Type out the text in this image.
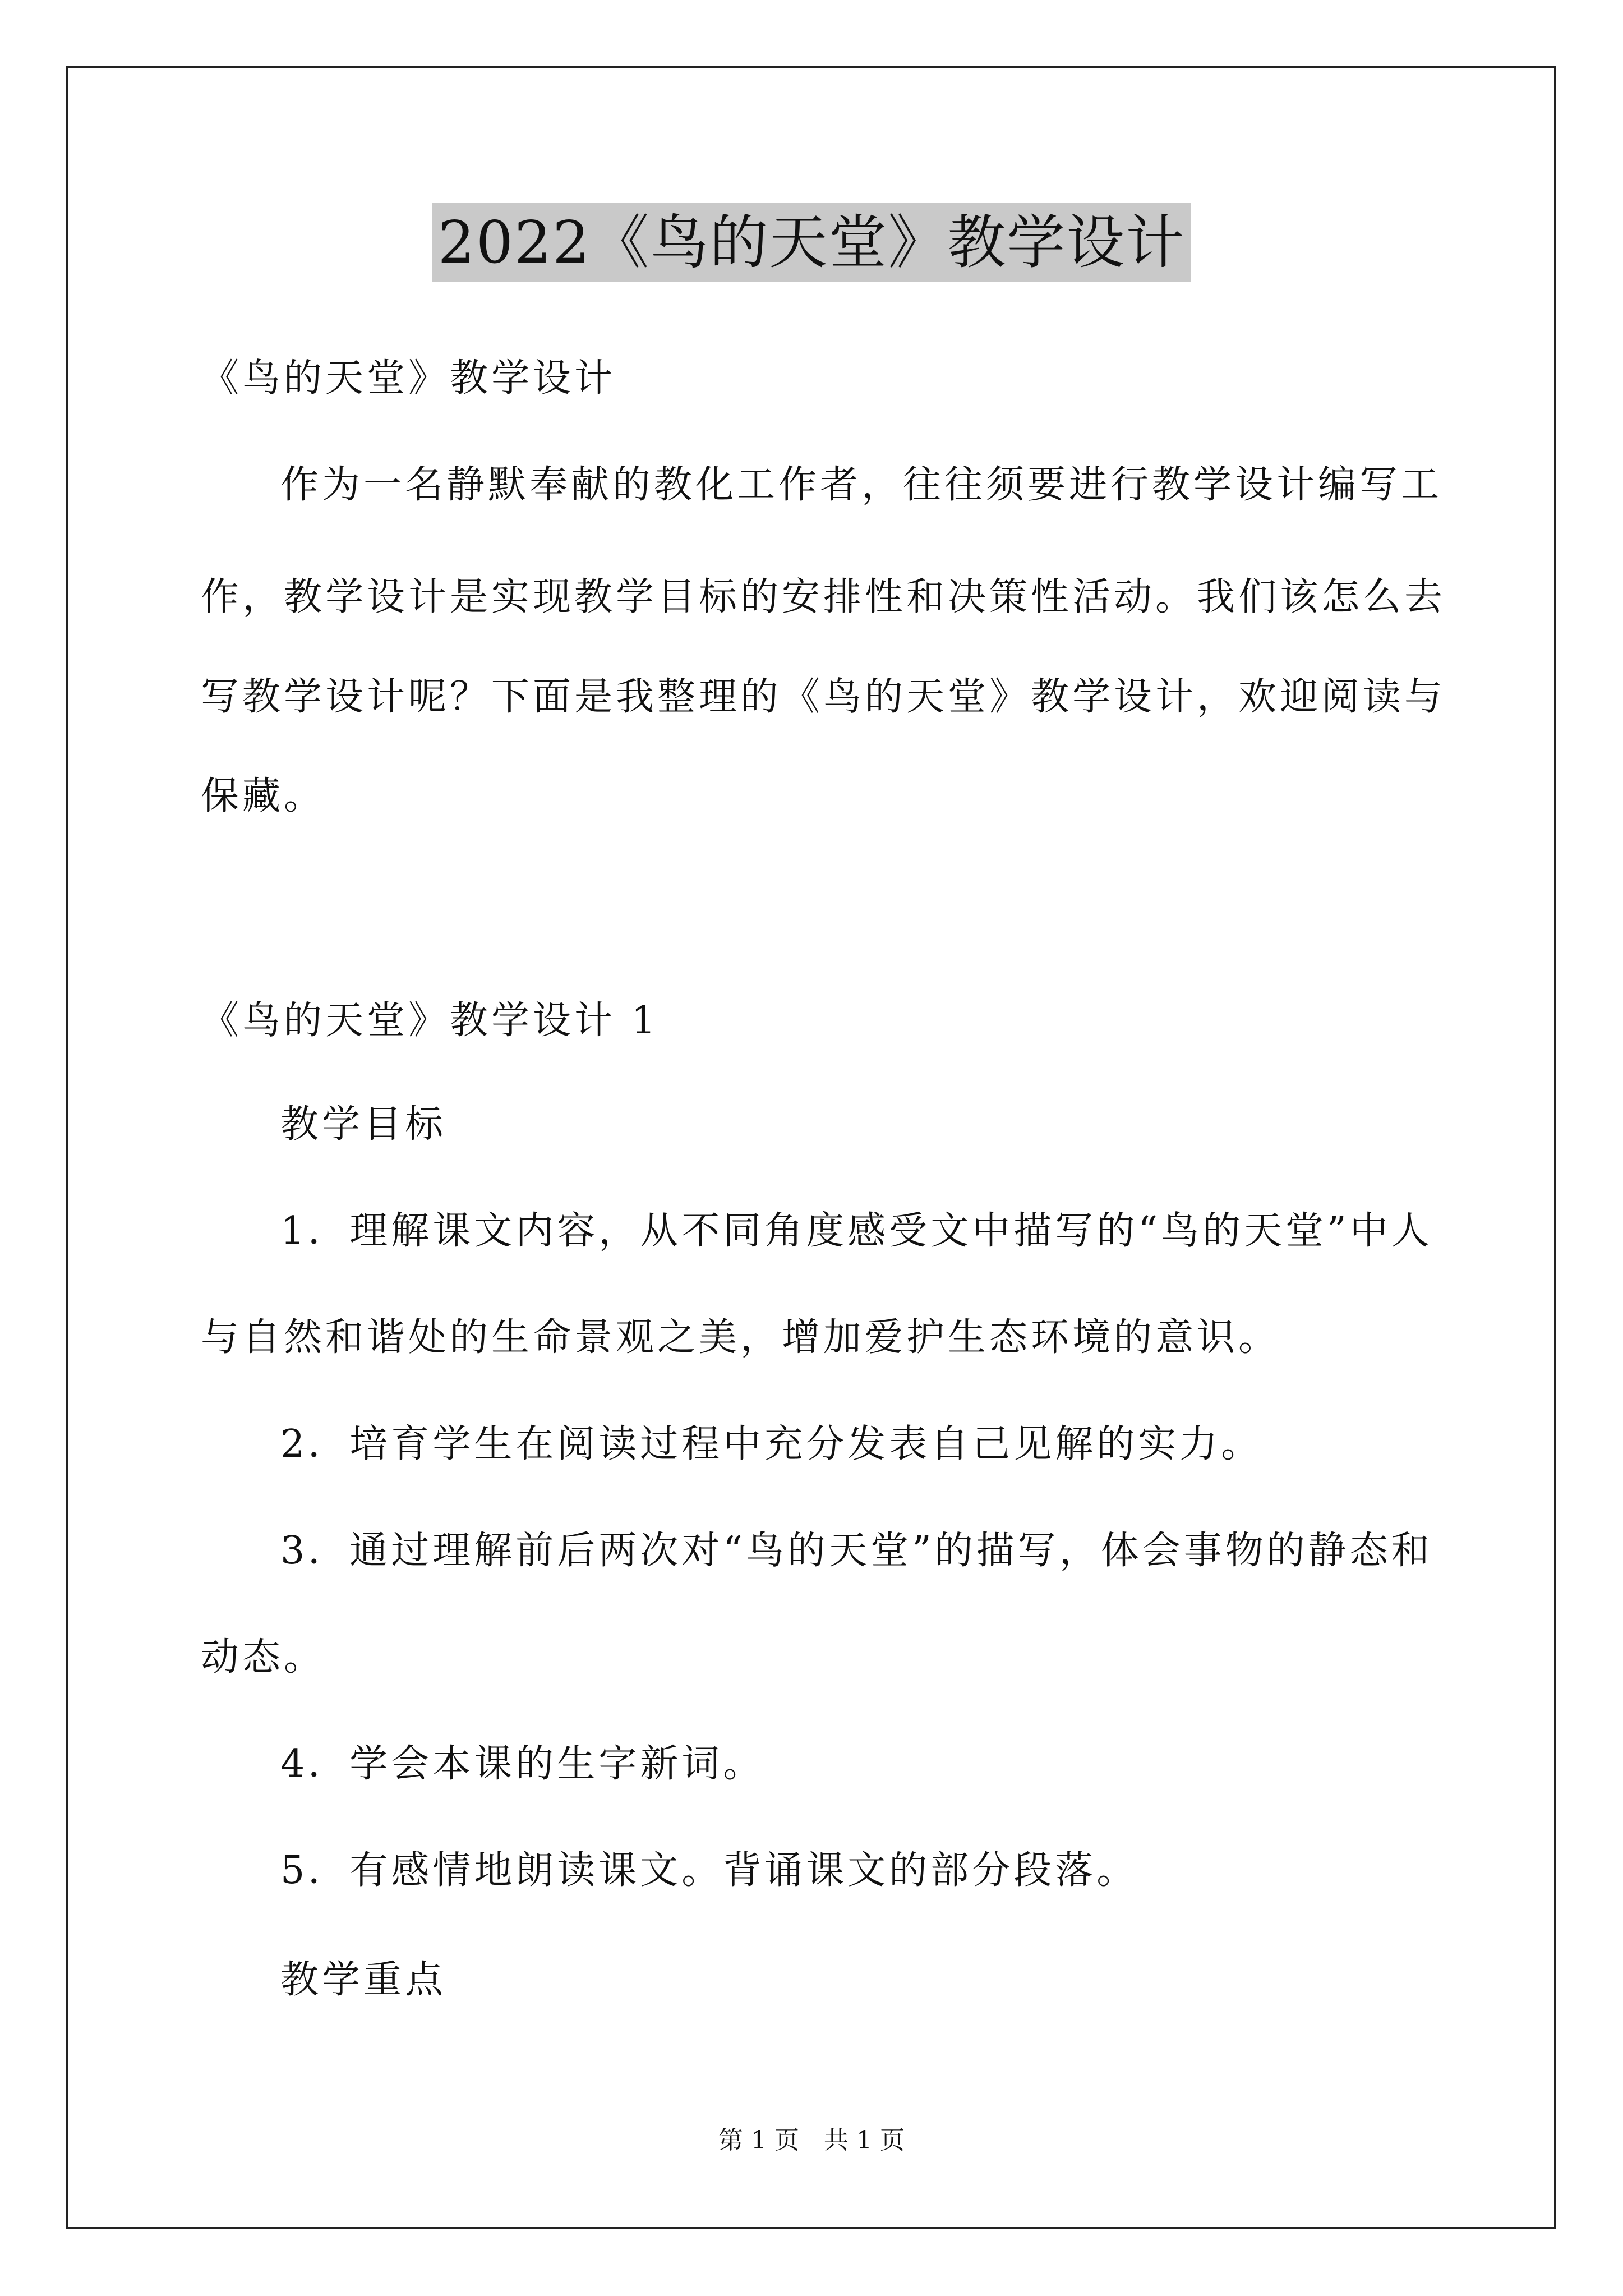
2022《鸟的天堂》教学设计
《鸟的天堂》教学设计
作为一名静默奉献的教化工作者，往往须要进行教学设计编写工
作，教学设计是实现教学目标的安排性和决策性活动。我们该怎么去
写教学设计呢？下面是我整理的《鸟的天堂》教学设计，欢迎阅读与
保藏。
《鸟的天堂》教学设计 1
教学目标
1．理解课文内容，从不同角度感受文中描写的“鸟的天堂”中人
与自然和谐处的生命景观之美，增加爱护生态环境的意识。
2．培育学生在阅读过程中充分发表自己见解的实力。
3．通过理解前后两次对“鸟的天堂”的描写，体会事物的静态和
动态。
4．学会本课的生字新词。
5．有感情地朗读课文。背诵课文的部分段落。
教学重点
第 1 页　共 1 页
